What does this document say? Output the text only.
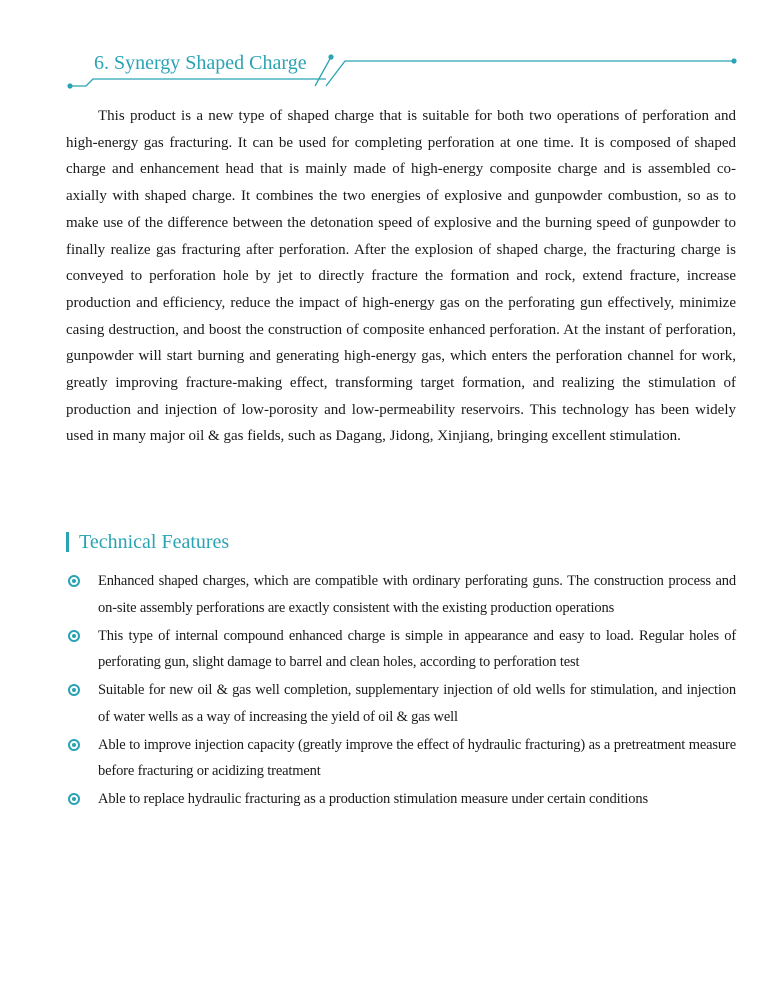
6. Synergy Shaped Charge

This product is a new type of shaped charge that is suitable for both two operations of perforation and high-energy gas fracturing. It can be used for completing perforation at one time. It is composed of shaped charge and enhancement head that is mainly made of high-energy composite charge and is assembled co-axially with shaped charge. It combines the two energies of explosive and gunpowder combustion, so as to make use of the difference between the detonation speed of explosive and the burning speed of gunpowder to finally realize gas fracturing after perforation. After the explosion of shaped charge, the fracturing charge is conveyed to perforation hole by jet to directly fracture the formation and rock, extend fracture, increase production and efficiency, reduce the impact of high-energy gas on the perforating gun effectively, minimize casing destruction, and boost the construction of composite enhanced perforation. At the instant of perforation, gunpowder will start burning and generating high-energy gas, which enters the perforation channel for work, greatly improving fracture-making effect, transforming target formation, and realizing the stimulation of production and injection of low-porosity and low-permeability reservoirs. This technology has been widely used in many major oil & gas fields, such as Dagang, Jidong, Xinjiang, bringing excellent stimulation.

Technical Features
Enhanced shaped charges, which are compatible with ordinary perforating guns. The construction process and on-site assembly perforations are exactly consistent with the existing production operations
This type of internal compound enhanced charge is simple in appearance and easy to load. Regular holes of perforating gun, slight damage to barrel and clean holes, according to perforation test
Suitable for new oil & gas well completion, supplementary injection of old wells for stimulation, and injection of water wells as a way of increasing the yield of oil & gas well
Able to improve injection capacity (greatly improve the effect of hydraulic fracturing) as a pretreatment measure before fracturing or acidizing treatment
Able to replace hydraulic fracturing as a production stimulation measure under certain conditions
